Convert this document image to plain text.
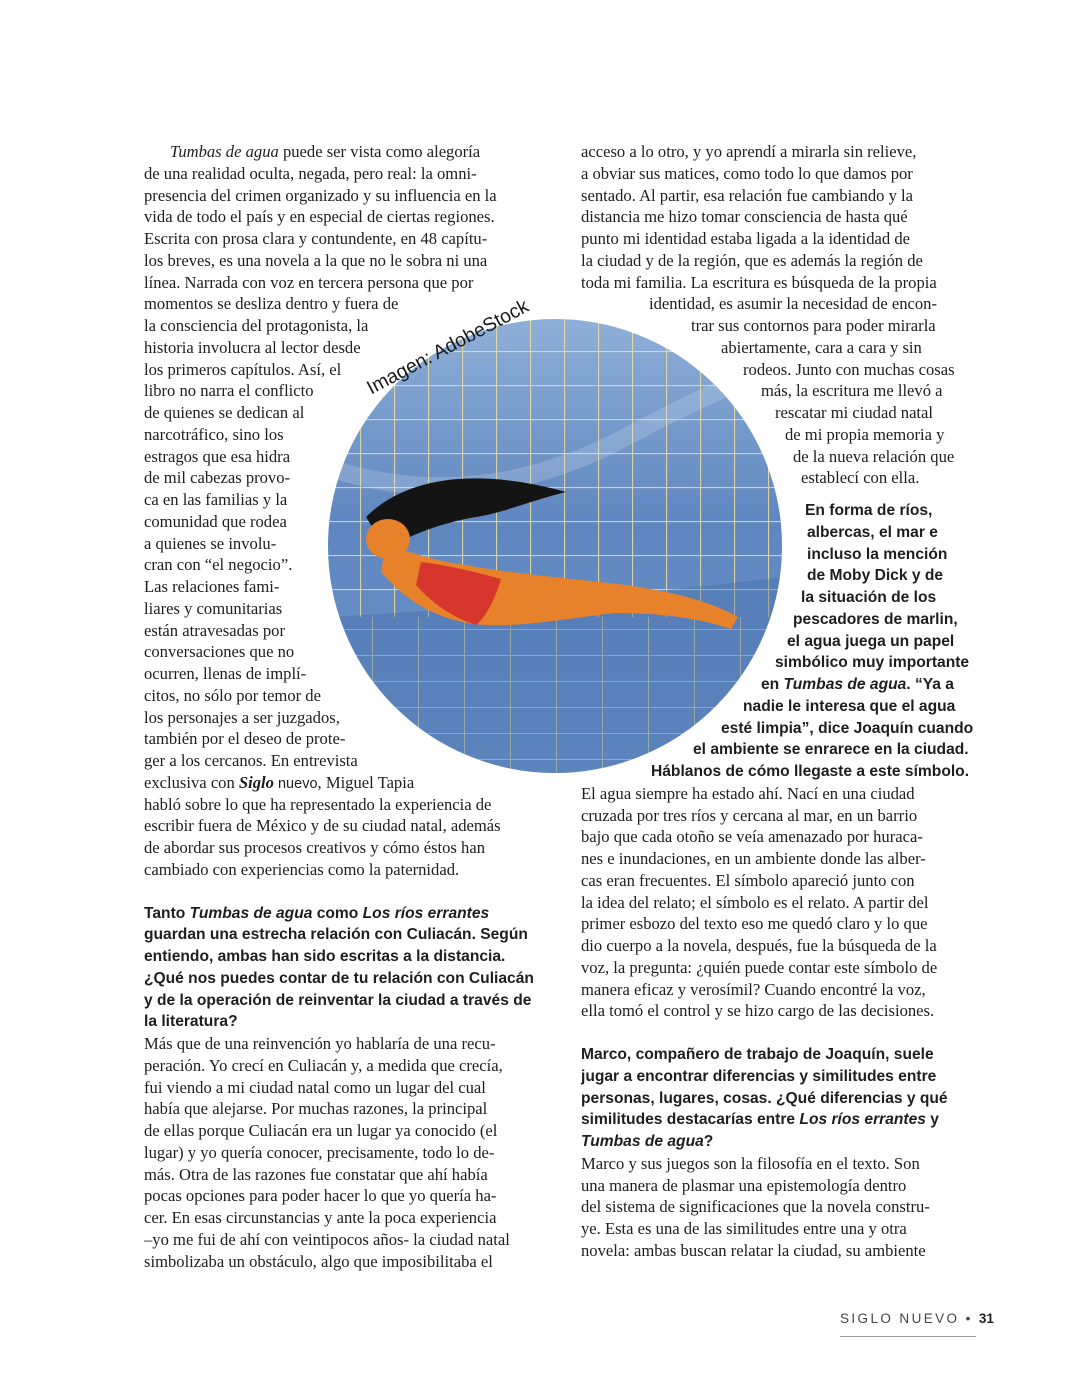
Imagen: AdobeStock
Tumbas de agua puede ser vista como alegoría
de una realidad oculta, negada, pero real: la omni-
presencia del crimen organizado y su influencia en la
vida de todo el país y en especial de ciertas regiones.
Escrita con prosa clara y contundente, en 48 capítu-
los breves, es una novela a la que no le sobra ni una
línea. Narrada con voz en tercera persona que por
momentos se desliza dentro y fuera de
la consciencia del protagonista, la
historia involucra al lector desde
los primeros capítulos. Así, el
libro no narra el conflicto
de quienes se dedican al
narcotráfico, sino los
estragos que esa hidra
de mil cabezas provo-
ca en las familias y la
comunidad que rodea
a quienes se involu-
cran con “el negocio”.
Las relaciones fami-
liares y comunitarias
están atravesadas por
conversaciones que no
ocurren, llenas de implí-
citos, no sólo por temor de
los personajes a ser juzgados,
también por el deseo de prote-
ger a los cercanos. En entrevista
exclusiva con Siglo nuevo, Miguel Tapia
habló sobre lo que ha representado la experiencia de
escribir fuera de México y de su ciudad natal, además
de abordar sus procesos creativos y cómo éstos han
cambiado con experiencias como la paternidad.
Tanto Tumbas de agua como Los ríos errantes
guardan una estrecha relación con Culiacán. Según
entiendo, ambas han sido escritas a la distancia.
¿Qué nos puedes contar de tu relación con Culiacán
y de la operación de reinventar la ciudad a través de
la literatura?
Más que de una reinvención yo hablaría de una recu-
peración. Yo crecí en Culiacán y, a medida que crecía,
fui viendo a mi ciudad natal como un lugar del cual
había que alejarse. Por muchas razones, la principal
de ellas porque Culiacán era un lugar ya conocido (el
lugar) y yo quería conocer, precisamente, todo lo de-
más. Otra de las razones fue constatar que ahí había
pocas opciones para poder hacer lo que yo quería ha-
cer. En esas circunstancias y ante la poca experiencia
–yo me fui de ahí con veintipocos años- la ciudad natal
simbolizaba un obstáculo, algo que imposibilitaba el
acceso a lo otro, y yo aprendí a mirarla sin relieve,
a obviar sus matices, como todo lo que damos por
sentado. Al partir, esa relación fue cambiando y la
distancia me hizo tomar consciencia de hasta qué
punto mi identidad estaba ligada a la identidad de
la ciudad y de la región, que es además la región de
toda mi familia. La escritura es búsqueda de la propia
identidad, es asumir la necesidad de encon-
trar sus contornos para poder mirarla
abiertamente, cara a cara y sin
rodeos. Junto con muchas cosas
más, la escritura me llevó a
rescatar mi ciudad natal
de mi propia memoria y
de la nueva relación que
establecí con ella.
En forma de ríos,
albercas, el mar e
incluso la mención
de Moby Dick y de
la situación de los
pescadores de marlin,
el agua juega un papel
simbólico muy importante
en Tumbas de agua. “Ya a
nadie le interesa que el agua
esté limpia”, dice Joaquín cuando
el ambiente se enrarece en la ciudad.
Háblanos de cómo llegaste a este símbolo.
El agua siempre ha estado ahí. Nací en una ciudad
cruzada por tres ríos y cercana al mar, en un barrio
bajo que cada otoño se veía amenazado por huraca-
nes e inundaciones, en un ambiente donde las alber-
cas eran frecuentes. El símbolo apareció junto con
la idea del relato; el símbolo es el relato. A partir del
primer esbozo del texto eso me quedó claro y lo que
dio cuerpo a la novela, después, fue la búsqueda de la
voz, la pregunta: ¿quién puede contar este símbolo de
manera eficaz y verosímil? Cuando encontré la voz,
ella tomó el control y se hizo cargo de las decisiones.
Marco, compañero de trabajo de Joaquín, suele
jugar a encontrar diferencias y similitudes entre
personas, lugares, cosas. ¿Qué diferencias y qué
similitudes destacarías entre Los ríos errantes y
Tumbas de agua?
Marco y sus juegos son la filosofía en el texto. Son
una manera de plasmar una epistemología dentro
del sistema de significaciones que la novela constru-
ye. Esta es una de las similitudes entre una y otra
novela: ambas buscan relatar la ciudad, su ambiente
SIGLO NUEVO • 31
